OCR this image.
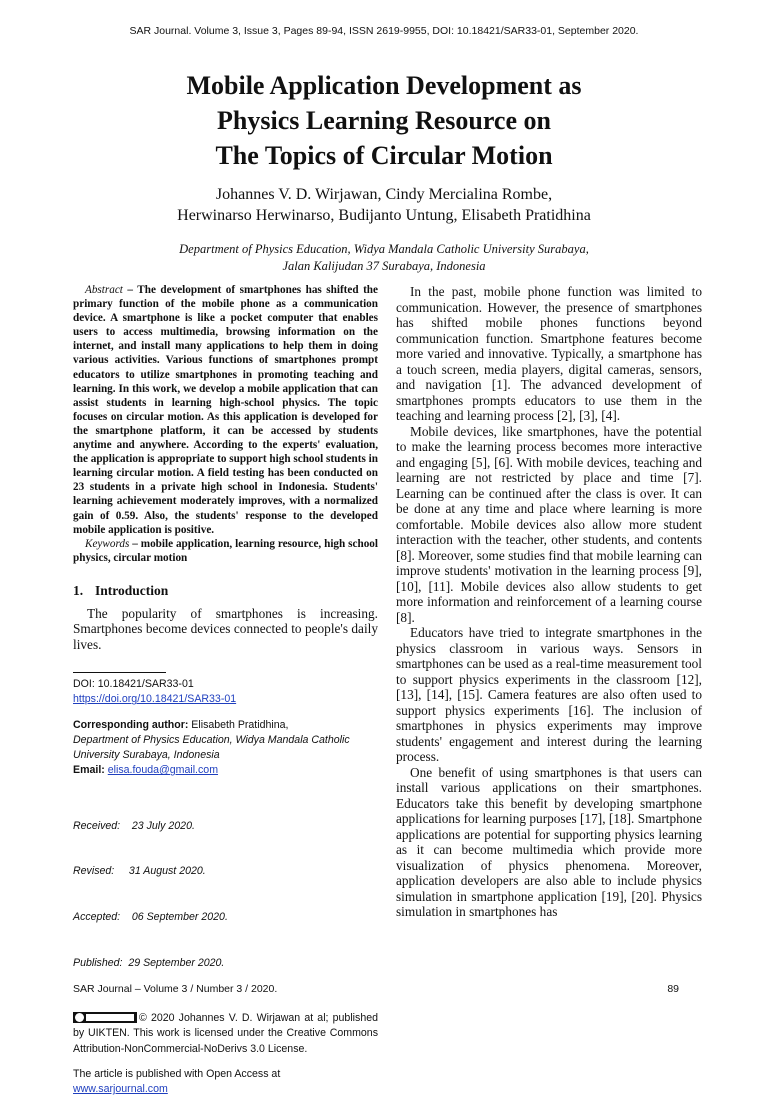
SAR Journal. Volume 3, Issue 3, Pages 89-94, ISSN 2619-9955, DOI: 10.18421/SAR33-01, September 2020.
Mobile Application Development as
Physics Learning Resource on
The Topics of Circular Motion
Johannes V. D. Wirjawan, Cindy Mercialina Rombe,
Herwinarso Herwinarso, Budijanto Untung, Elisabeth Pratidhina
Department of Physics Education, Widya Mandala Catholic University Surabaya,
Jalan Kalijudan 37 Surabaya, Indonesia

Abstract – The development of smartphones has shifted the primary function of the mobile phone as a communication device. A smartphone is like a pocket computer that enables users to access multimedia, browsing information on the internet, and install many applications to help them in doing various activities. Various functions of smartphones prompt educators to utilize smartphones in promoting teaching and learning. In this work, we develop a mobile application that can assist students in learning high-school physics. The topic focuses on circular motion. As this application is developed for the smartphone platform, it can be accessed by students anytime and anywhere. According to the experts' evaluation, the application is appropriate to support high school students in learning circular motion. A field testing has been conducted on 23 students in a private high school in Indonesia. Students' learning achievement moderately improves, with a normalized gain of 0.59. Also, the students' response to the developed mobile application is positive.

Keywords – mobile application, learning resource, high school physics, circular motion

1. Introduction

The popularity of smartphones is increasing. Smartphones become devices connected to people's daily lives.

DOI: 10.18421/SAR33-01

https://doi.org/10.18421/SAR33-01

Corresponding author: Elisabeth Pratidhina,

Department of Physics Education, Widya Mandala Catholic University Surabaya, Indonesia

Email: elisa.fouda@gmail.com

Received:    23 July 2020.

Revised:     31 August 2020.

Accepted:    06 September 2020.

Published:  29 September 2020.

© 2020 Johannes V. D. Wirjawan at al; published by UIKTEN. This work is licensed under the Creative Commons Attribution-NonCommercial-NoDerivs 3.0 License.

The article is published with Open Access at

www.sarjournal.com

In the past, mobile phone function was limited to communication. However, the presence of smartphones has shifted mobile phones functions beyond communication function. Smartphone features become more varied and innovative. Typically, a smartphone has a touch screen, media players, digital cameras, sensors, and navigation [1]. The advanced development of smartphones prompts educators to use them in the teaching and learning process [2], [3], [4].

Mobile devices, like smartphones, have the potential to make the learning process becomes more interactive and engaging [5], [6]. With mobile devices, teaching and learning are not restricted by place and time [7]. Learning can be continued after the class is over. It can be done at any time and place where learning is more comfortable. Mobile devices also allow more student interaction with the teacher, other students, and contents [8]. Moreover, some studies find that mobile learning can improve students' motivation in the learning process [9], [10], [11]. Mobile devices also allow students to get more information and reinforcement of a learning course [8].

Educators have tried to integrate smartphones in the physics classroom in various ways. Sensors in smartphones can be used as a real-time measurement tool to support physics experiments in the classroom [12], [13], [14], [15]. Camera features are also often used to support physics experiments [16]. The inclusion of smartphones in physics experiments may improve students' engagement and interest during the learning process.

One benefit of using smartphones is that users can install various applications on their smartphones. Educators take this benefit by developing smartphone applications for learning purposes [17], [18]. Smartphone applications are potential for supporting physics learning as it can become multimedia which provide more visualization of physics phenomena. Moreover, application developers are also able to include physics simulation in smartphone application [19], [20]. Physics simulation in smartphones has

SAR Journal – Volume 3 / Number 3 / 2020.	89
